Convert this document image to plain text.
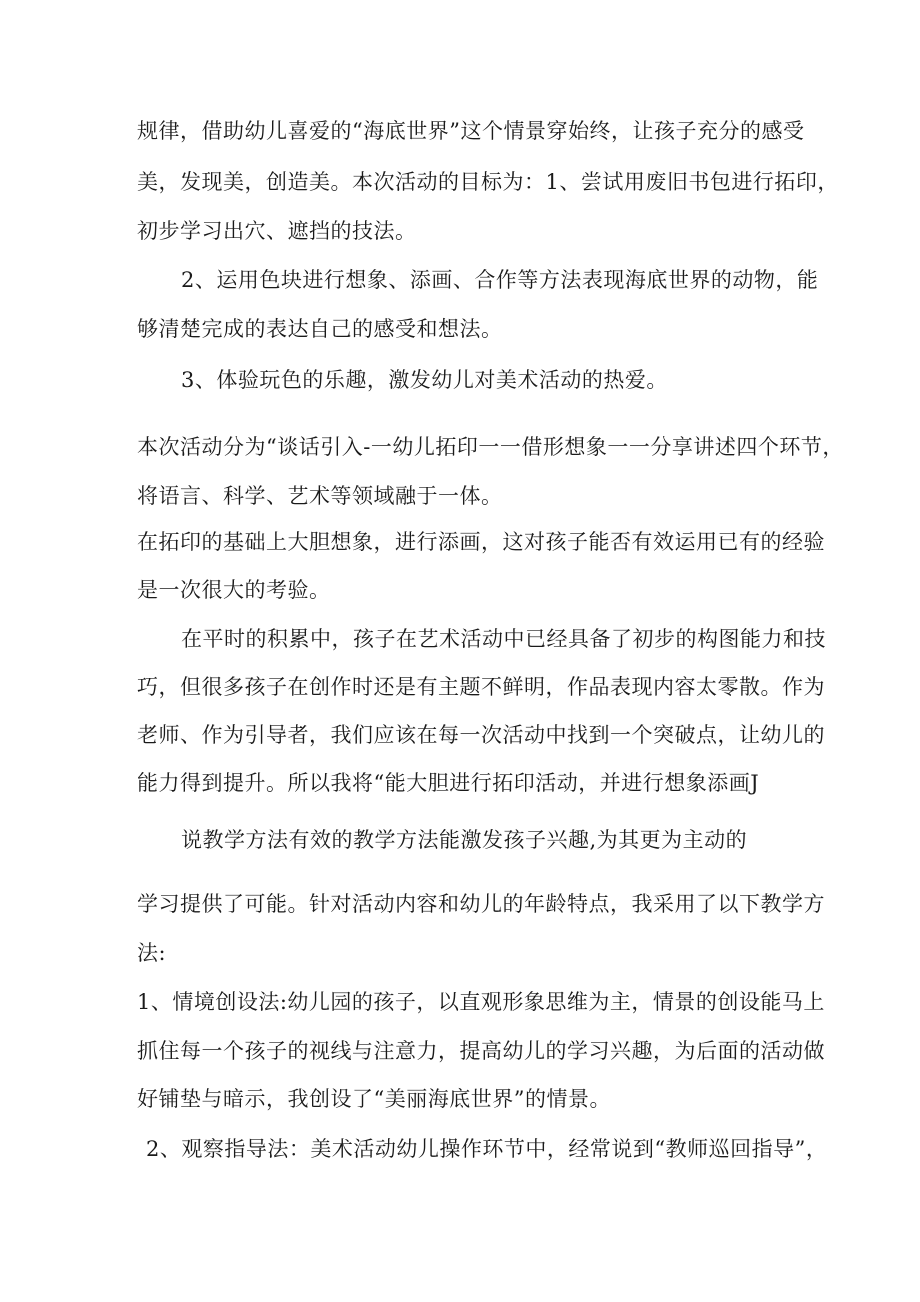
规律，借助幼儿喜爱的“海底世界”这个情景穿始终，让孩子充分的感受
美，发现美，创造美。本次活动的目标为：1、尝试用废旧书包进行拓印，
初步学习出穴、遮挡的技法。
2、运用色块进行想象、添画、合作等方法表现海底世界的动物，能
够清楚完成的表达自己的感受和想法。
3、体验玩色的乐趣，激发幼儿对美术活动的热爱。
本次活动分为“谈话引入-一幼儿拓印一一借形想象一一分享讲述四个环节，
将语言、科学、艺术等领域融于一体。
在拓印的基础上大胆想象，进行添画，这对孩子能否有效运用已有的经验
是一次很大的考验。
在平时的积累中，孩子在艺术活动中已经具备了初步的构图能力和技
巧，但很多孩子在创作时还是有主题不鲜明，作品表现内容太零散。作为
老师、作为引导者，我们应该在每一次活动中找到一个突破点，让幼儿的
能力得到提升。所以我将“能大胆进行拓印活动，并进行想象添画J
说教学方法有效的教学方法能激发孩子兴趣,为其更为主动的
学习提供了可能。针对活动内容和幼儿的年龄特点，我采用了以下教学方
法:
1、情境创设法:幼儿园的孩子，以直观形象思维为主，情景的创设能马上
抓住每一个孩子的视线与注意力，提高幼儿的学习兴趣，为后面的活动做
好铺垫与暗示，我创设了“美丽海底世界”的情景。
2、观察指导法：美术活动幼儿操作环节中，经常说到“教师巡回指导”，
